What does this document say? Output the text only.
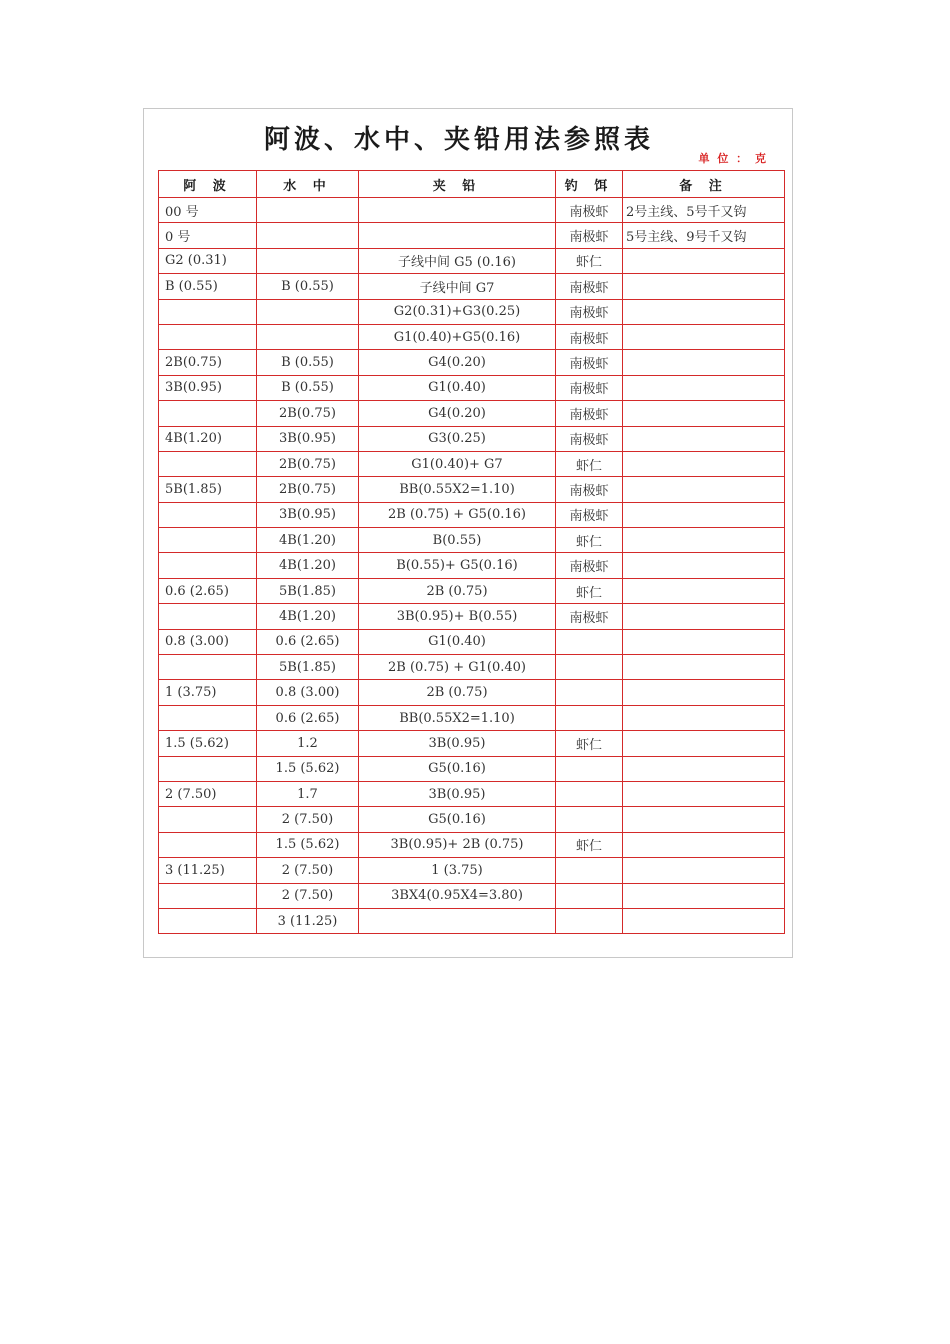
阿波、水中、夹铅用法参照表
单 位 ： 克
阿 波	水 中	夹 铅	钓 饵	备 注
00 号			南极虾	2号主线、5号千又钩
0 号			南极虾	5号主线、9号千又钩
G2 (0.31)		子线中间 G5 (0.16)	虾仁	
B (0.55)	B (0.55)	子线中间 G7	南极虾	
		G2(0.31)+G3(0.25)	南极虾	
		G1(0.40)+G5(0.16)	南极虾	
2B(0.75)	B (0.55)	G4(0.20)	南极虾	
3B(0.95)	B (0.55)	G1(0.40)	南极虾	
	2B(0.75)	G4(0.20)	南极虾	
4B(1.20)	3B(0.95)	G3(0.25)	南极虾	
	2B(0.75)	G1(0.40)+ G7	虾仁	
5B(1.85)	2B(0.75)	BB(0.55X2=1.10)	南极虾	
	3B(0.95)	2B (0.75) + G5(0.16)	南极虾	
	4B(1.20)	B(0.55)	虾仁	
	4B(1.20)	B(0.55)+ G5(0.16)	南极虾	
0.6 (2.65)	5B(1.85)	2B (0.75)	虾仁	
	4B(1.20)	3B(0.95)+ B(0.55)	南极虾	
0.8 (3.00)	0.6 (2.65)	G1(0.40)		
	5B(1.85)	2B (0.75) + G1(0.40)		
1 (3.75)	0.8 (3.00)	2B (0.75)		
	0.6 (2.65)	BB(0.55X2=1.10)		
1.5 (5.62)	1.2	3B(0.95)	虾仁	
	1.5 (5.62)	G5(0.16)		
2 (7.50)	1.7	3B(0.95)		
	2 (7.50)	G5(0.16)		
	1.5 (5.62)	3B(0.95)+ 2B (0.75)	虾仁	
3 (11.25)	2 (7.50)	1 (3.75)		
	2 (7.50)	3BX4(0.95X4=3.80)		
	3 (11.25)			
